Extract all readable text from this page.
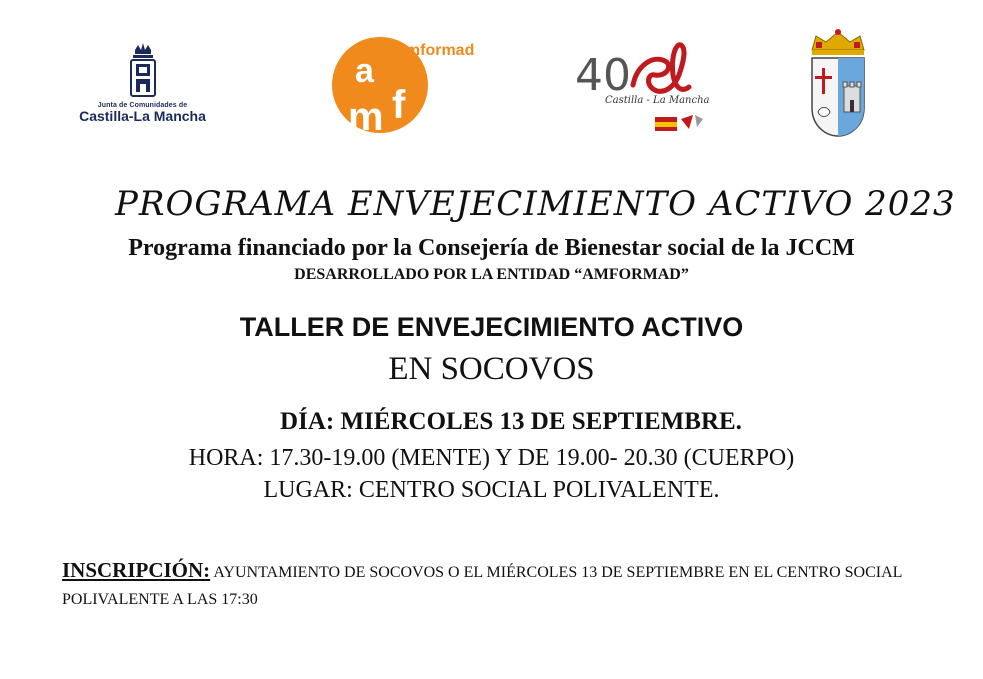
Junta de Comunidades de
Castilla-La Mancha
a
m f
amformad 40
Castilla - La Mancha
PROGRAMA ENVEJECIMIENTO ACTIVO 2023
Programa financiado por la Consejería de Bienestar social de la JCCM
DESARROLLADO POR LA ENTIDAD “AMFORMAD”
TALLER DE ENVEJECIMIENTO ACTIVO
EN SOCOVOS
DÍA: MIÉRCOLES 13 DE SEPTIEMBRE.
HORA: 17.30-19.00 (MENTE) Y DE 19.00- 20.30 (CUERPO)
LUGAR: CENTRO SOCIAL POLIVALENTE.
INSCRIPCIÓN: AYUNTAMIENTO DE SOCOVOS O EL MIÉRCOLES 13 DE SEPTIEMBRE EN EL CENTRO SOCIAL POLIVALENTE A LAS 17:30
